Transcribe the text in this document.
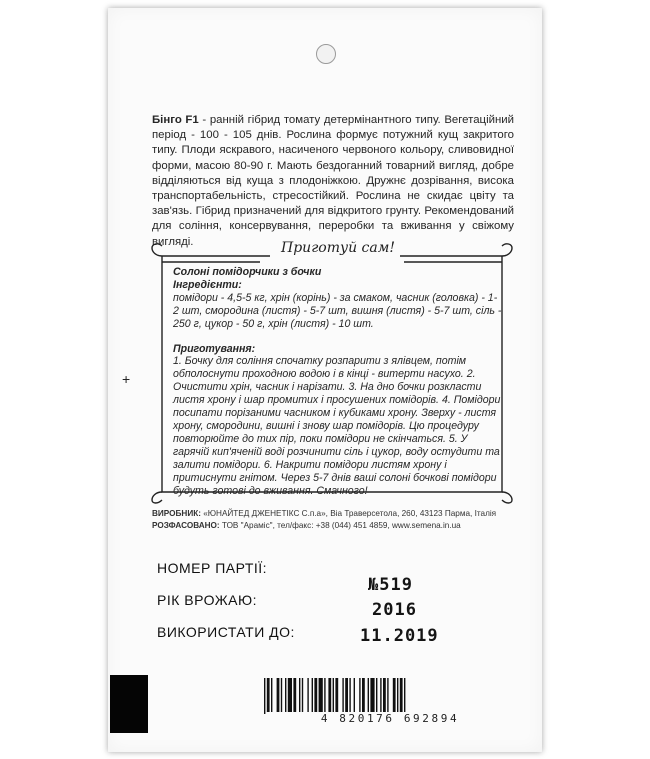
+
Бінго F1 - ранній гібрид томату детермінантного типу. Вегетаційний період - 100 - 105 днів. Рослина формує потужний кущ закритого типу. Плоди яскравого, насиченого червоного кольору, сливовидної форми, масою 80-90 г. Мають бездоганний товарний вигляд, добре відділяються від куща з плодоніжкою. Дружнє дозрівання, висока транспортабельність, стресостійкий. Рослина не скидає цвіту та зав'язь. Гібрид призначений для відкритого грунту. Рекомендований для соління, консервування, переробки та вживання у свіжому вигляді.	Приготуй сам!
Солоні помідорчики з бочки
Інгредієнти:
помідори - 4,5-5 кг, хрін (корінь) - за смаком, часник (головка) - 1-2 шт, смородина (листя) - 5-7 шт, вишня (листя) - 5-7 шт, сіль - 250 г, цукор - 50 г, хрін (листя) - 10 шт.
Приготування:
1. Бочку для соління спочатку розпарити з ялівцем, потім обполоснути проходною водою і в кінці - витерти насухо. 2. Очистити хрін, часник і нарізати. 3. На дно бочки розкласти листя хрону і шар промитих і просушених помідорів. 4. Помідори посипати порізаними часником і кубиками хрону. Зверху - листя хрону, смородини, вишні і знову шар помідорів. Цю процедуру повторюйте до тих пір, поки помідори не скінчаться. 5. У гарячій кип'яченій воді розчинити сіль і цукор, воду остудити та залити помідори. 6. Накрити помідори листям хрону і притиснути гнітом. Через 5-7 днів ваші солоні бочкові помідори будуть готові до вживання. Смачного!
ВИРОБНИК: «ЮНАЙТЕД ДЖЕНЕТІКС С.п.а», Віа Траверсетола, 260, 43123 Парма, Італія
РОЗФАСОВАНО: ТОВ "Араміс", тел/факс: +38 (044) 451 4859, www.semena.in.ua
НОМЕР ПАРТІЇ:
№519
РІК ВРОЖАЮ:	2016
ВИКОРИСТАТИ ДО:	11.2019
4 820176 692894
